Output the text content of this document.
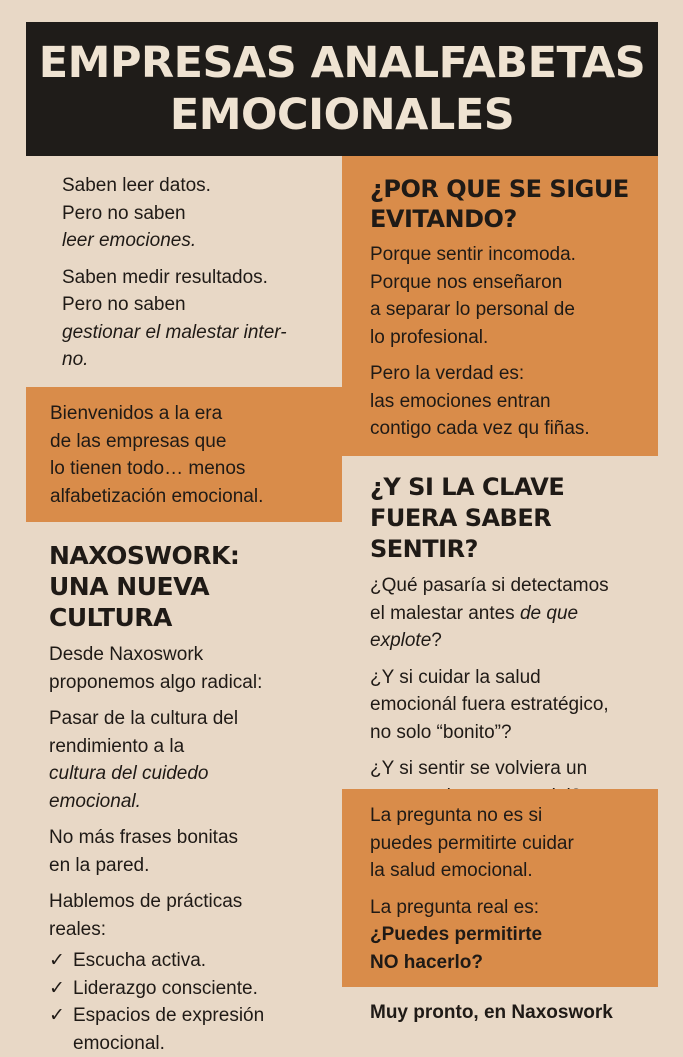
EMPRESAS ANALFABETAS
EMOCIONALES
Saben leer datos.
Pero no saben
leer emociones.
Saben medir resultados.
Pero no saben
gestionar el malestar inter-
no.
Bienvenidos a la era
de las empresas que
lo tienen todo… menos
alfabetización emocional.
NAXOSWORK:
UNA NUEVA CULTURA
Desde Naxoswork
proponemos algo radical:
Pasar de la cultura del
rendimiento a la
cultura del cuidedo
emocional.
No más frases bonitas
en la pared.
Hablemos de prácticas
reales:
✓ Escucha activa.
✓ Liderazgo consciente.
✓ Espacios de expresión
emocional.
¿POR QUE SE SIGUE
EVITANDO?
Porque sentir incomoda.
Porque nos enseñaron
a separar lo personal de
lo profesional.
Pero la verdad es:
las emociones entran
contigo cada vez qu fiñas.
¿Y SI LA CLAVE
FUERA SABER SENTIR?
¿Qué pasaría si detectamos
el malestar antes de que
explote?
¿Y si cuidar la salud
emocionál fuera estratégico,
no solo “bonito”?
¿Y si sentir se volviera un
La pregunta no es si
puedes permitirte cuidar
la salud emocional.
La pregunta real es:
¿Puedes permitirte
NO hacerlo?
Muy pronto, en Naxoswork
